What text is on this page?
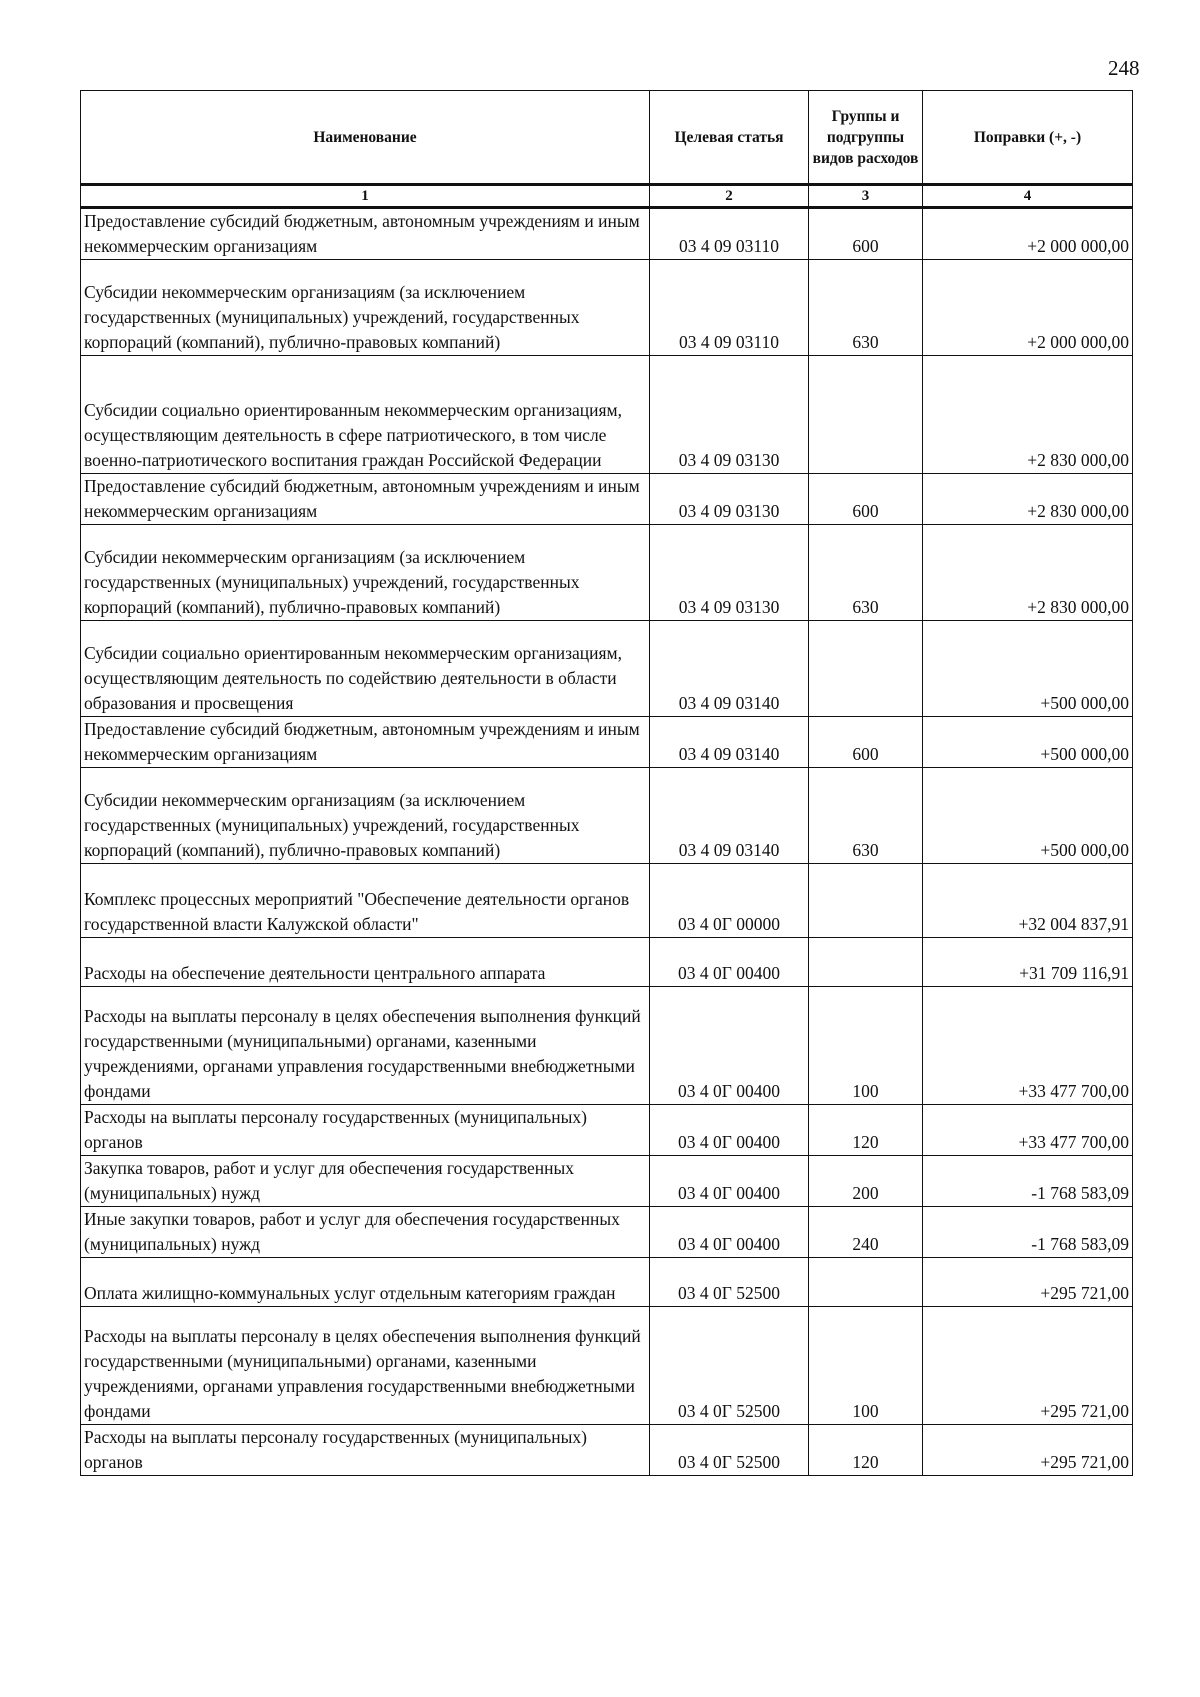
248
Наименование	Целевая статья	Группы и подгруппы видов расходов	Поправки (+, -)
1	2	3	4
Предоставление субсидий бюджетным, автономным учреждениям и иным некоммерческим организациям	03 4 09 03110	600	+2 000 000,00
Субсидии некоммерческим организациям (за исключением государственных (муниципальных) учреждений, государственных корпораций (компаний), публично-правовых компаний)	03 4 09 03110	630	+2 000 000,00
Субсидии социально ориентированным некоммерческим организациям, осуществляющим деятельность в сфере патриотического, в том числе военно-патриотического воспитания граждан Российской Федерации	03 4 09 03130		+2 830 000,00
Предоставление субсидий бюджетным, автономным учреждениям и иным некоммерческим организациям	03 4 09 03130	600	+2 830 000,00
Субсидии некоммерческим организациям (за исключением государственных (муниципальных) учреждений, государственных корпораций (компаний), публично-правовых компаний)	03 4 09 03130	630	+2 830 000,00
Субсидии социально ориентированным некоммерческим организациям, осуществляющим деятельность по содействию деятельности в области образования и просвещения	03 4 09 03140		+500 000,00
Предоставление субсидий бюджетным, автономным учреждениям и иным некоммерческим организациям	03 4 09 03140	600	+500 000,00
Субсидии некоммерческим организациям (за исключением государственных (муниципальных) учреждений, государственных корпораций (компаний), публично-правовых компаний)	03 4 09 03140	630	+500 000,00
Комплекс процессных мероприятий "Обеспечение деятельности органов государственной власти Калужской области"	03 4 0Г 00000		+32 004 837,91
Расходы на обеспечение деятельности центрального аппарата	03 4 0Г 00400		+31 709 116,91
Расходы на выплаты персоналу в целях обеспечения выполнения функций государственными (муниципальными) органами, казенными учреждениями, органами управления государственными внебюджетными фондами	03 4 0Г 00400	100	+33 477 700,00
Расходы на выплаты персоналу государственных (муниципальных) органов	03 4 0Г 00400	120	+33 477 700,00
Закупка товаров, работ и услуг для обеспечения государственных (муниципальных) нужд	03 4 0Г 00400	200	-1 768 583,09
Иные закупки товаров, работ и услуг для обеспечения государственных (муниципальных) нужд	03 4 0Г 00400	240	-1 768 583,09
Оплата жилищно-коммунальных услуг отдельным категориям граждан	03 4 0Г 52500		+295 721,00
Расходы на выплаты персоналу в целях обеспечения выполнения функций государственными (муниципальными) органами, казенными учреждениями, органами управления государственными внебюджетными фондами	03 4 0Г 52500	100	+295 721,00
Расходы на выплаты персоналу государственных (муниципальных) органов	03 4 0Г 52500	120	+295 721,00
